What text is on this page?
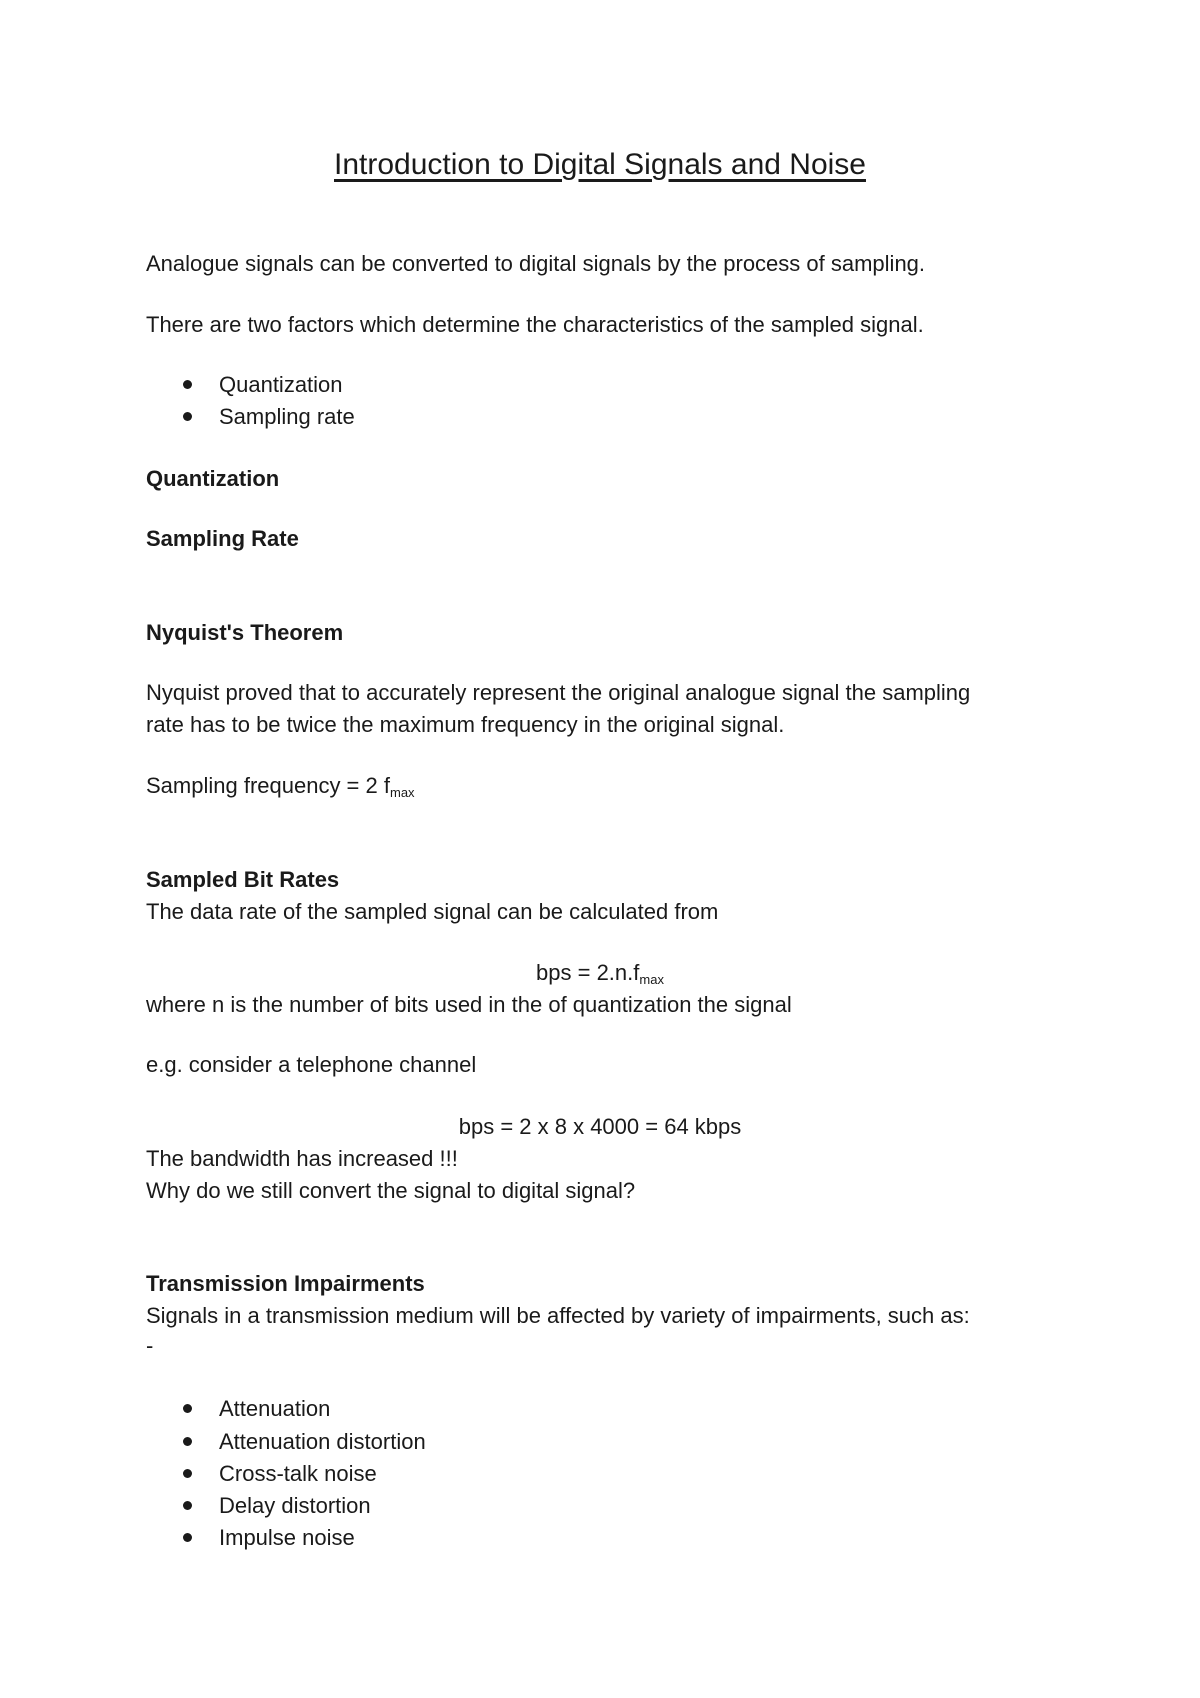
Introduction to Digital Signals and Noise
Analogue signals can be converted to digital signals by the process of sampling.
There are two factors which determine the characteristics of the sampled signal.
Quantization
Sampling rate
Quantization
Sampling Rate
Nyquist's Theorem
Nyquist proved that to accurately represent the original analogue signal the sampling
rate has to be twice the maximum frequency in the original signal.
Sampling frequency = 2 $f_{max}$
Sampled Bit Rates
The data rate of the sampled signal can be calculated from
bps = $2.n.f_{max}$
where n is the number of bits used in the of quantization the signal
e.g. consider a telephone channel
bps = 2 x 8 x 4000 = 64 kbps
The bandwidth has increased !!!
Why do we still convert the signal to digital signal?
Transmission Impairments
Signals in a transmission medium will be affected by variety of impairments, such as:
-
Attenuation
Attenuation distortion
Cross-talk noise
Delay distortion
Impulse noise
